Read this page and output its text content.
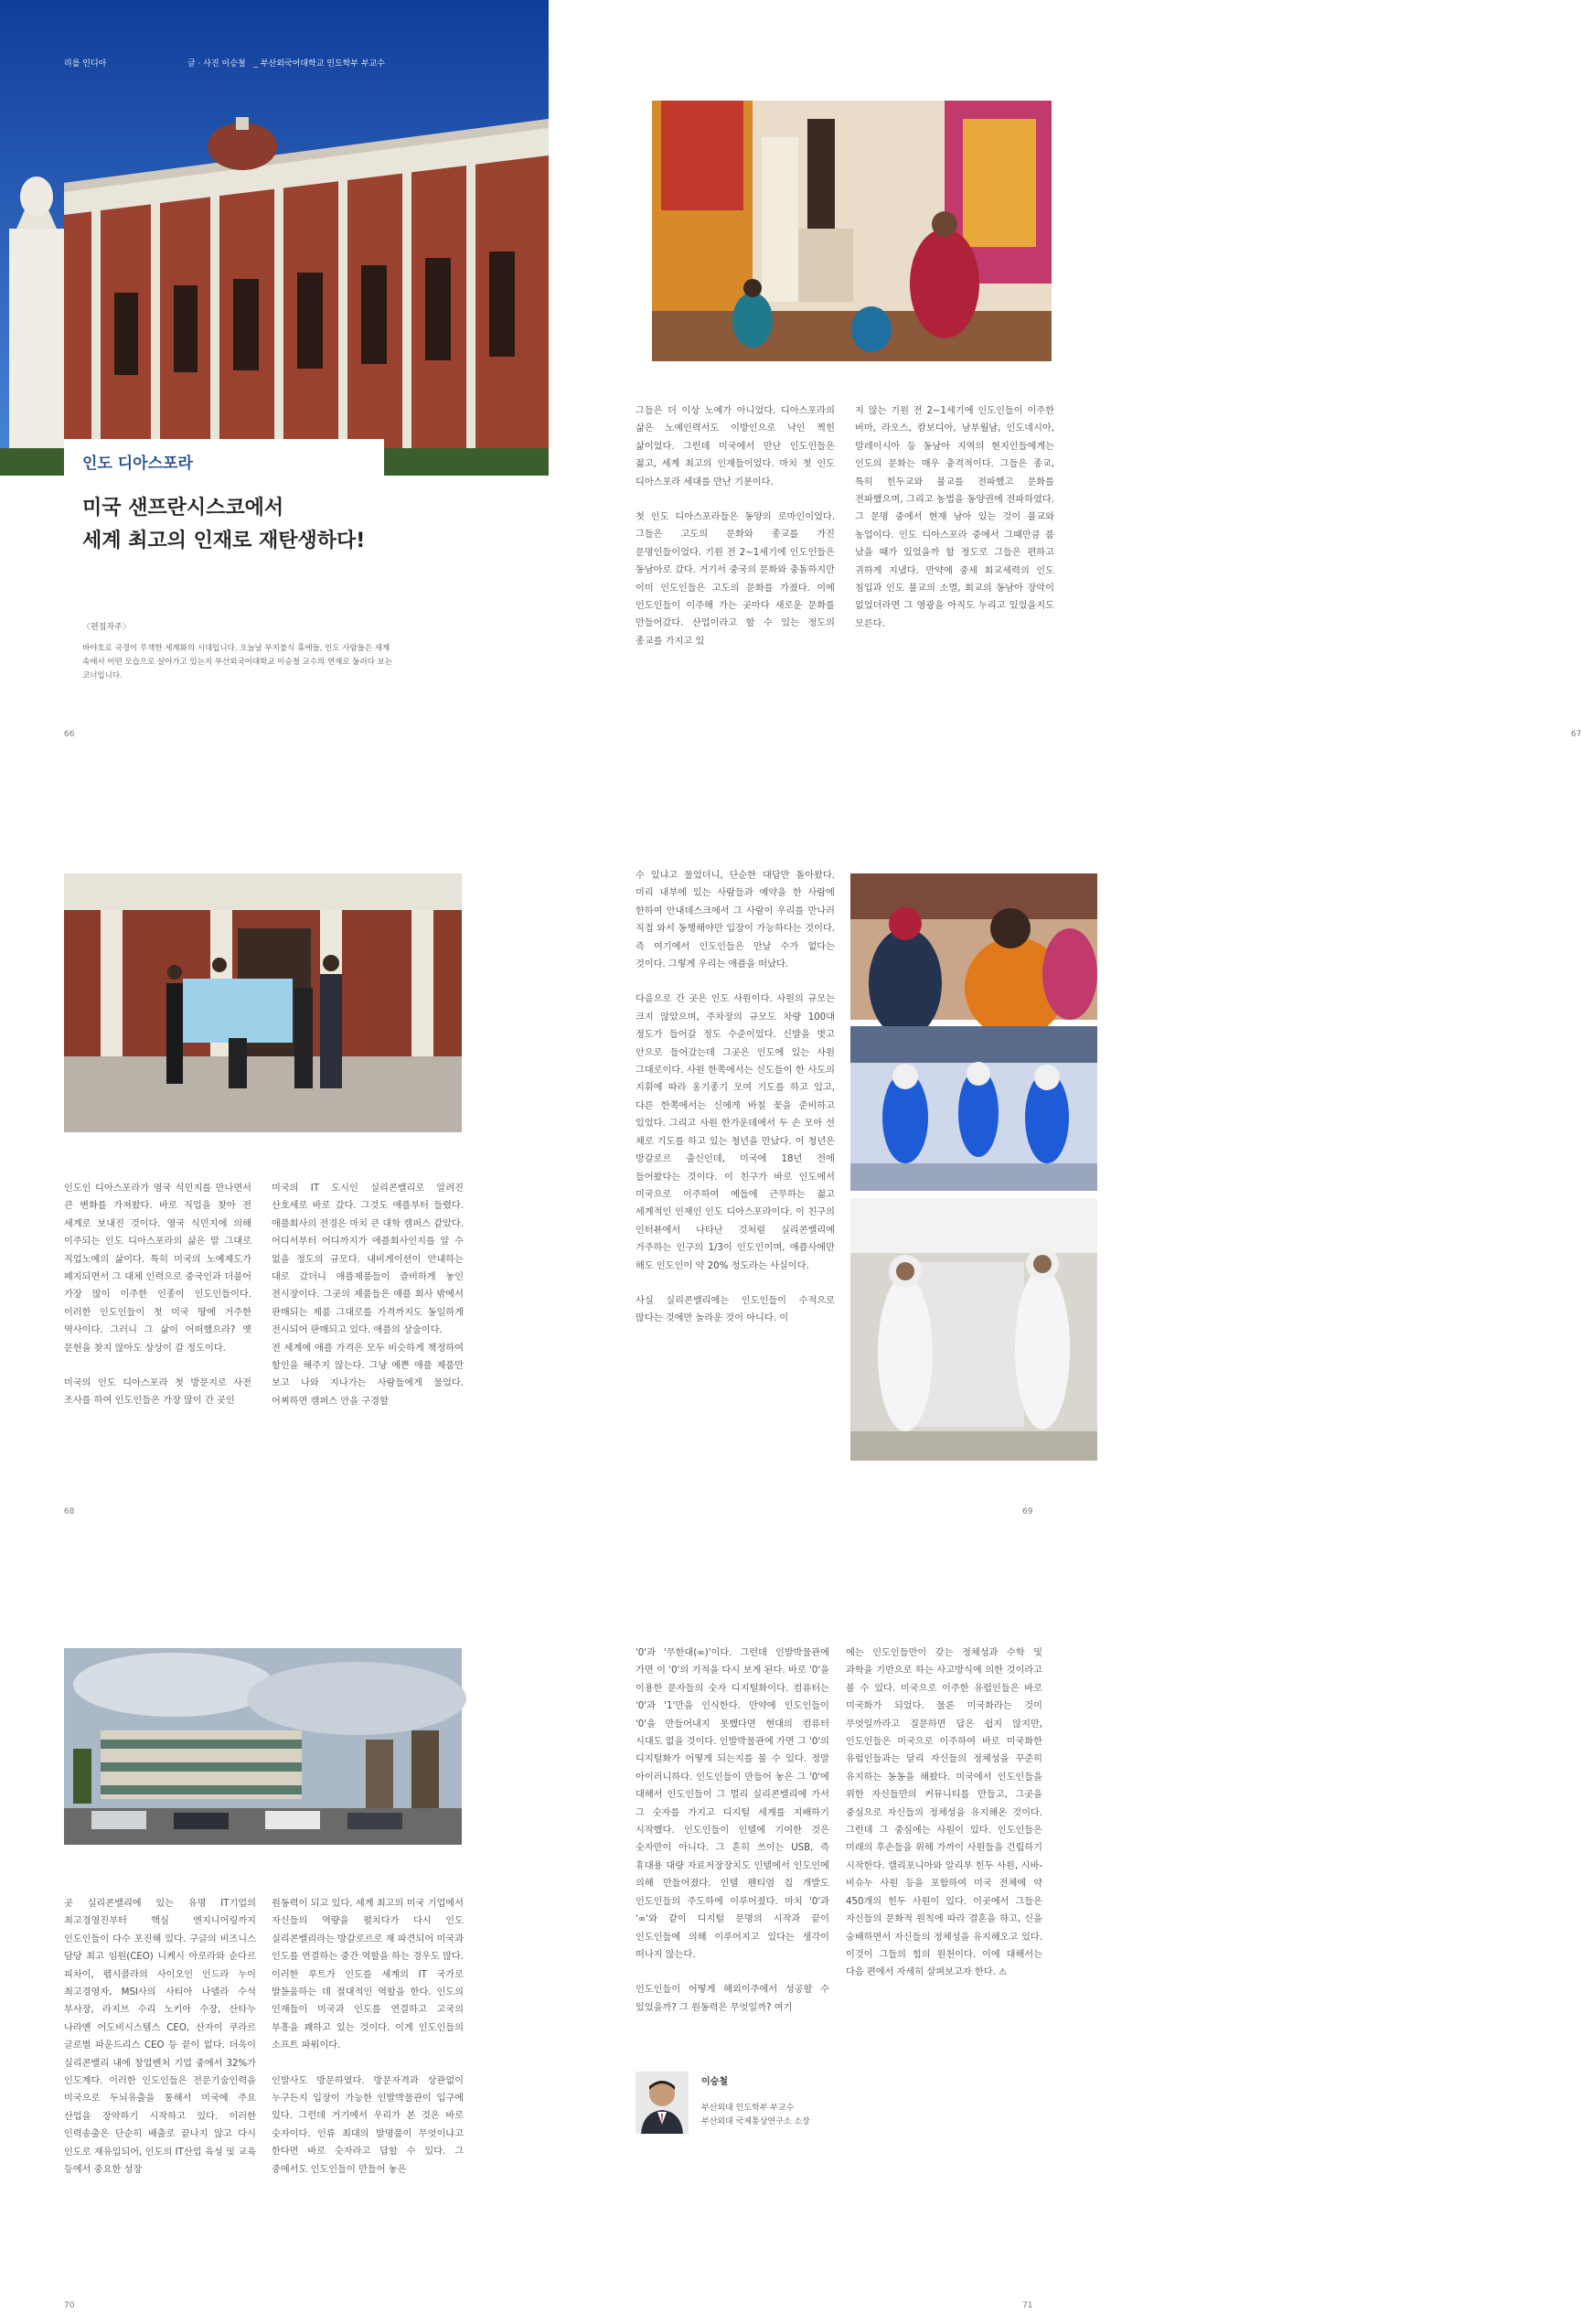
리를 인디아	글 · 사진 이승철 _ 부산외국어대학교 인도학부 부교수
인도 디아스포라
미국 샌프란시스코에서
세계 최고의 인재로 재탄생하다!
〈편집자주〉
바야흐로 국경이 무색한 세계화의 시대입니다. 오늘날 부지불식 휴에들, 인도 사람들은 세계 속에서 어떤 모습으로 살아가고 있는지 부산외국어대학교 이승철 교수의 연재로 둘러다 보는 코너입니다.
66

그들은 더 이상 노예가 아니었다. 디아스포라의 삶은 노예인력서도 이방인으로 낙인 찍힌 삶이었다. 그런데 미국에서 만난 인도인들은 젊고, 세계 최고의 인재들이었다. 마치 첫 인도 디아스포라 세대를 만난 기분이다.

첫 인도 디아스포라들은 동양의 로마인이었다. 그들은 고도의 문화와 종교를 가진 문명인들이었다. 기원 전 2~1세기에 인도인들은 동남아로 갔다. 거기서 중국의 문화와 충돌하지만 이미 인도인들은 고도의 문화를 가졌다. 이에 인도인들이 이주해 가는 곳마다 새로운 문화를 만들어갔다. 산업이라고 할 수 있는 정도의 종교를 가지고 있

지 않는 기원 전 2~1세기에 인도인들이 이주한 버마, 라오스, 캄보디아, 남부월남, 인도네시아, 말레이시아 등 동남아 지역의 현지인들에게는 인도의 문화는 매우 충격적이다. 그들은 종교, 특히 힌두교와 불교를 전파했고 문화를 전파했으며, 그리고 농법을 동양권에 전파하였다. 그 문명 중에서 현재 남아 있는 것이 불교와 농업이다. 인도 디아스포라 중에서 그때만큼 품 났을 때가 있었을까 할 정도로 그들은 편하고 귀하게 지냈다. 만약에 중세 회교세력의 인도 침입과 인도 불교의 소멸, 회교의 동남아 장악이 없었더라면 그 영광을 아직도 누리고 있었을지도 모른다.

67

인도인 디아스포라가 영국 식민지를 만나면서 큰 변화를 가져왔다. 바로 직업을 찾아 전 세계로 보내진 것이다. 영국 식민지에 의해 이주되는 인도 디아스포라의 삶은 말 그대로 직업노예의 삶이다. 특히 미국의 노예제도가 폐지되면서 그 대체 인력으로 중국인과 더불어 가장 많이 이주한 인종이 인도인들이다. 이러한 인도인들이 첫 미국 땅에 거주한 역사이다. 그러니 그 삶이 어떠했으라? 옛 문헌을 찾지 않아도 상상이 갈 정도이다.

미국의 인도 디아스포라 첫 방문지로 사전 조사를 하여 인도인들은 가장 많이 간 곳인

미국의 IT 도시인 실리콘밸리로 알려진 산호세로 바로 갔다. 그것도 애플부터 들렸다. 애플회사의 전경은 마치 큰 대학 캠퍼스 같았다. 어디서부터 어디까지가 애플회사인지를 알 수 없을 정도의 규모다. 내비게이션이 안내하는 대로 갔더니 애플제품들이 즐비하게 놓인 전시장이다. 그곳의 제품들은 애플 회사 밖에서 판매되는 제품 그대로를 가격까지도 동일하게 전시되어 판매되고 있다. 애플의 상술이다.

전 세계에 애플 가격은 모두 비슷하게 책정하여 할인을 해주지 않는다. 그냥 예쁜 애플 제품만 보고 나와 지나가는 사람들에게 물었다. 어찌하면 캠퍼스 안을 구경할

68

수 있냐고 물었더니, 단순한 대답만 돌아왔다. 미리 내부에 있는 사람들과 예약을 한 사람에 한하여 안내데스크에서 그 사람이 우리를 만나러 직접 와서 동행해야만 입장이 가능하다는 것이다. 즉 여기에서 인도인들은 만날 수가 없다는 것이다. 그렇게 우리는 애플을 떠났다.

다음으로 간 곳은 인도 사원이다. 사원의 규모는 크지 않았으며, 주차장의 규모도 차량 100대 정도가 들어갈 정도 수준이었다. 신발을 벗고 안으로 들어갔는데 그곳은 인도에 있는 사원 그대로이다. 사원 한쪽에서는 신도들이 한 사도의 지휘에 따라 옹기종기 모여 기도를 하고 있고, 다른 한쪽에서는 신에게 바칠 꽃을 준비하고 있었다. 그리고 사원 한가운데에서 두 손 모아 선 채로 기도를 하고 있는 청년을 만났다. 이 청년은 방갈로르 출신인데, 미국에 18년 전에 들어왔다는 것이다. 이 친구가 바로 인도에서 미국으로 이주하여 예들에 근무하는 젊고 세계적인 인재인 인도 디아스포라이다. 이 친구의 인터뷰에서 나타난 것처럼 실리콘밸리에 거주하는 인구의 1/3이 인도인이며, 애플사에만 해도 인도인이 약 20% 정도라는 사실이다.

사실 실리콘밸리에는 인도인들이 수적으로 많다는 것에만 놀라운 것이 아니다. 이

69

곳 실리콘밸리에 있는 유명 IT기업의 최고경영진부터 핵심 엔지니어링까지 인도인들이 다수 포진해 있다. 구글의 비즈니스 담당 최고 임원(CEO) 니케시 아로라와 순다르 피차이, 펩시콜라의 사이오인 인드라 누이 최고경영자, MSI사의 사티아 나델라 수석 부사장, 라지브 수리 노키아 수장, 산타누 나라옌 어도비시스템스 CEO, 산자이 쿠라르 글로벌 파운드리스 CEO 등 끝이 없다. 더욱이 실리콘밸리 내에 창업벤처 기업 중에서 32%가 인도계다. 이러한 인도인들은 전문기술인력을 미국으로 두뇌유출을 통해서 미국에 주요 산업을 장악하기 시작하고 있다. 이러한 인력송출은 단순히 배출로 끝나지 않고 다시 인도로 재유입되어, 인도의 IT산업 육성 및 교육 등에서 중요한 성장

원동력이 되고 있다. 세계 최고의 미국 기업에서 자신들의 역량을 펼치다가 다시 인도 실리콘밸리라는 방갈로르로 재 파견되어 미국과 인도를 연결하는 중간 역할을 하는 경우도 많다. 이러한 루트가 인도를 세계의 IT 국가로 발돋움하는 데 절대적인 역할을 한다. 인도의 인재들이 미국과 인도를 연결하고 고국의 부흥을 꽤하고 있는 것이다. 이게 인도인들의 소프트 파워이다.

인발사도 방문하였다. 방문자격과 상관없이 누구든지 입장이 가능한 인발박물관이 입구에 있다. 그런데 거기에서 우리가 본 것은 바로 숫자이다. 인류 최대의 발명품이 무엇이냐고 한다면 바로 숫자라고 답할 수 있다. 그 중에서도 인도인들이 만들어 놓은

70

'0'과 '무한대(∞)'이다. 그런데 인발박물관에 가면 이 '0'의 기적을 다시 보게 된다. 바로 '0'을 이용한 문자들의 숫자 디지털화이다. 컴퓨터는 '0'과 '1'만을 인식한다. 만약에 인도인들이 '0'을 만들어내지 못했다면 현대의 컴퓨터 시대도 없을 것이다. 인발박물관에 가면 그 '0'의 디지털화가 어떻게 되는지를 볼 수 있다. 정말 아이러니하다. 인도인들이 만들어 놓은 그 '0'에 대해서 인도인들이 그 멀리 실리콘밸리에 가서 그 숫자를 가지고 디지털 세계를 지배하기 시작했다. 인도인들이 인텔에 기여한 것은 숫자만이 아니다. 그 흔히 쓰이는 USB, 즉 휴대용 대량 자료저장장치도 인텔에서 인도인에 의해 만들어졌다. 인텔 펜티엄 칩 개발도 인도인들의 주도하에 이루어졌다. 마치 '0'과 '∞'와 같이 디지털 문명의 시작과 끝이 인도인들에 의해 이루어지고 있다는 생각이 떠나지 않는다.

인도인들이 어떻게 해외이주에서 성공할 수 있었을까? 그 원동력은 무엇일까? 여기

에는 인도인들만이 갖는 정체성과 수학 및 과학을 기반으로 하는 사고방식에 의한 것이라고 볼 수 있다. 미국으로 이주한 유럽인들은 바로 미국화가 되었다. 물론 미국화라는 것이 무엇일까라고 질문하면 답은 쉽지 않지만, 인도인들은 미국으로 이주하여 바로 미국화한 유럽인들과는 달리 자신들의 정체성을 꾸준히 유지하는 동동을 해왔다. 미국에서 인도인들을 위한 자신들만의 커뮤니티를 만들고, 그곳을 중심으로 자신들의 정체성을 유지해온 것이다. 그런데 그 중심에는 사원이 있다. 인도인들은 미래의 후손들을 위해 가까이 사원들을 건립하기 시작한다. 캘리포니아와 알리부 힌두 사원, 시바-비슈누 사원 등을 포함하여 미국 전체에 약 450개의 힌두 사원이 있다. 이곳에서 그들은 자신들의 문화적 원칙에 따라 결혼을 하고, 신을 숭배하면서 자신들의 정체성을 유지해오고 있다. 이것이 그들의 힘의 원천이다. 이에 대해서는 다음 편에서 자세히 살펴보고자 한다. ⚠

이승철
부산외대 인도학부 부교수
부산외대 국제통상연구소 소장
71
